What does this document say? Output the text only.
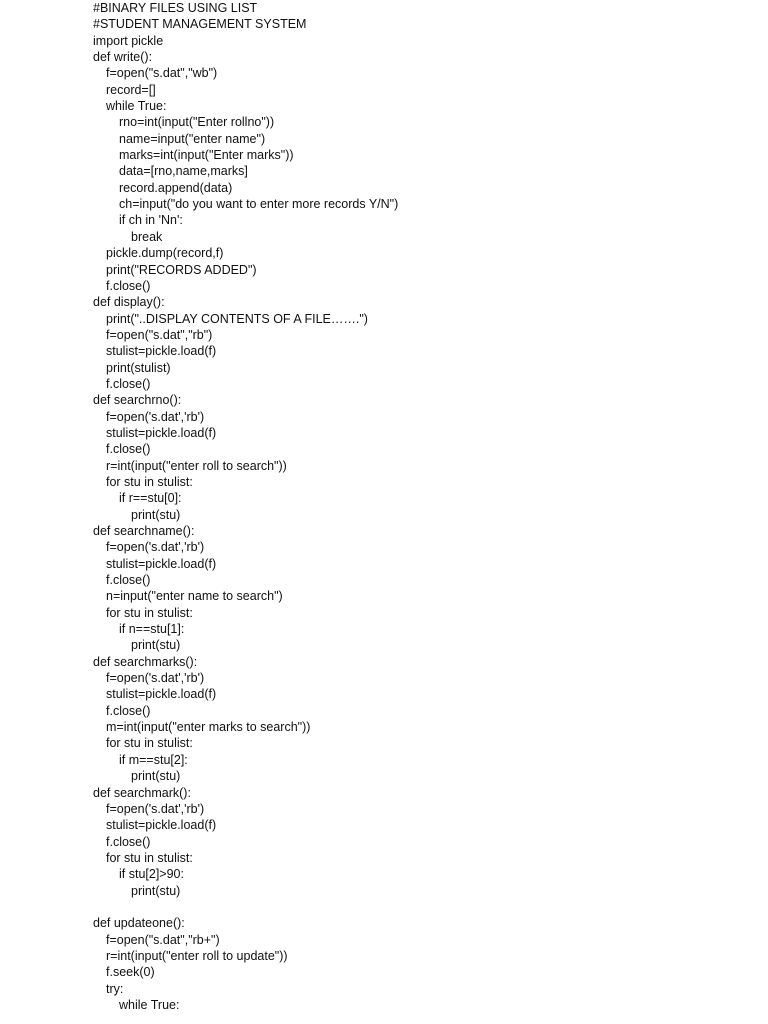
#BINARY FILES USING LIST
#STUDENT MANAGEMENT SYSTEM
import pickle
def write():
f=open("s.dat","wb")
record=[]
while True:
rno=int(input("Enter rollno"))
name=input("enter name")
marks=int(input("Enter marks"))
data=[rno,name,marks]
record.append(data)
ch=input("do you want to enter more records Y/N")
if ch in 'Nn':
break
pickle.dump(record,f)
print("RECORDS ADDED")
f.close()
def display():
print("..DISPLAY CONTENTS OF A FILE…….")
f=open("s.dat","rb")
stulist=pickle.load(f)
print(stulist)
f.close()
def searchrno():
f=open('s.dat','rb')
stulist=pickle.load(f)
f.close()
r=int(input("enter roll to search"))
for stu in stulist:
if r==stu[0]:
print(stu)
def searchname():
f=open('s.dat','rb')
stulist=pickle.load(f)
f.close()
n=input("enter name to search")
for stu in stulist:
if n==stu[1]:
print(stu)
def searchmarks():
f=open('s.dat','rb')
stulist=pickle.load(f)
f.close()
m=int(input("enter marks to search"))
for stu in stulist:
if m==stu[2]:
print(stu)
def searchmark():
f=open('s.dat','rb')
stulist=pickle.load(f)
f.close()
for stu in stulist:
if stu[2]>90:
print(stu)
def updateone():
f=open("s.dat","rb+")
r=int(input("enter roll to update"))
f.seek(0)
try:
while True:
